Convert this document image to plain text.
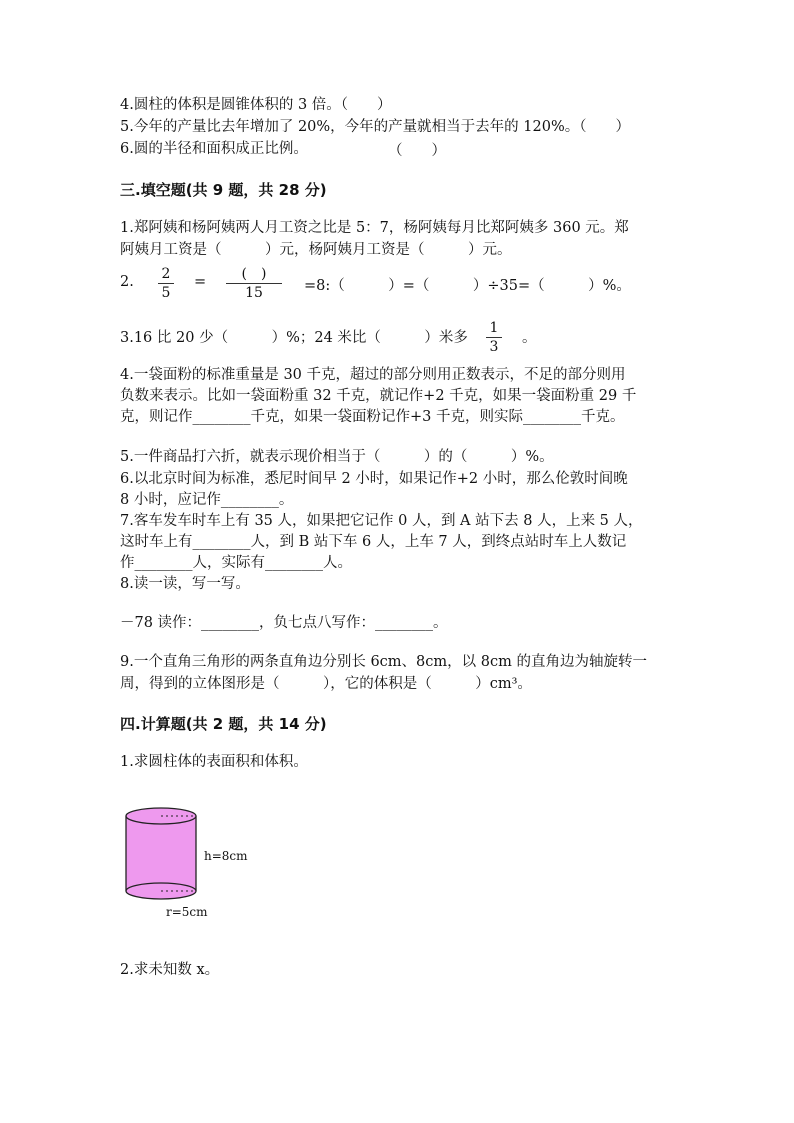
4.圆柱的体积是圆锥体积的 3 倍。（　　）
5.今年的产量比去年增加了 20%，今年的产量就相当于去年的 120%。（　　）
6.圆的半径和面积成正比例。	（　　）
三.填空题(共 9 题，共 28 分)
1.郑阿姨和杨阿姨两人月工资之比是 5：7，杨阿姨每月比郑阿姨多 360 元。郑
阿姨月工资是（　　　）元，杨阿姨月工资是（　　　）元。
2. 2
5
=	(　)
15	=8:（　　　）=（　　　）÷35=（　　　）%。
3.16 比 20 少（　　　）%；24 米比（　　　）米多
1
3
。
4.一袋面粉的标准重量是 30 千克，超过的部分则用正数表示，不足的部分则用
负数来表示。比如一袋面粉重 32 千克，就记作+2 千克，如果一袋面粉重 29 千
克，则记作________千克，如果一袋面粉记作+3 千克，则实际________千克。
5.一件商品打六折，就表示现价相当于（　　　）的（　　　）%。
6.以北京时间为标准，悉尼时间早 2 小时，如果记作+2 小时，那么伦敦时间晚
8 小时，应记作________。
7.客车发车时车上有 35 人，如果把它记作 0 人，到 A 站下去 8 人，上来 5 人，
这时车上有________人，到 B 站下车 6 人，上车 7 人，到终点站时车上人数记
作________人，实际有________人。
8.读一读，写一写。
－78 读作：________，负七点八写作：________。
9.一个直角三角形的两条直角边分别长 6cm、8cm，以 8cm 的直角边为轴旋转一
周，得到的立体图形是（　　　），它的体积是（　　　）cm³。
四.计算题(共 2 题，共 14 分)
1.求圆柱体的表面积和体积。
h=8cm
r=5cm
2.求未知数 x。
